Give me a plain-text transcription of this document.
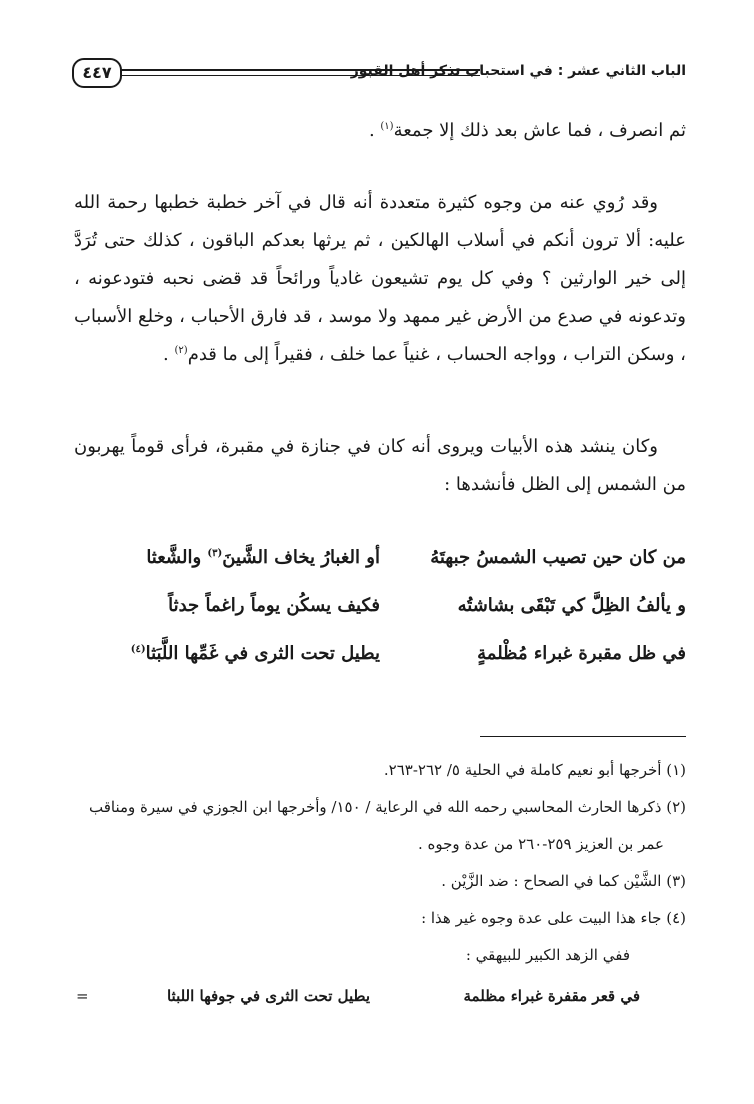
٤٤٧	الباب الثاني عشر : في استحباب تذكر أهل القبور
ثم انصرف ، فما عاش بعد ذلك إلا جمعة$^{(١)}$ .
وقد رُوي عنه من وجوه كثيرة متعددة أنه قال في آخر خطبة خطبها رحمة الله عليه: ألا ترون أنكم في أسلاب الهالكين ، ثم يرثها بعدكم الباقون ، كذلك حتى تُرَدَّ إلى خير الوارثين ؟ وفي كل يوم تشيعون غادياً ورائحاً قد قضى نحبه فتودعونه ، وتدعونه في صدع من الأرض غير ممهد ولا موسد ، قد فارق الأحباب ، وخلع الأسباب ، وسكن التراب ، وواجه الحساب ، غنياً عما خلف ، فقيراً إلى ما قدم$^{(٢)}$ .
وكان ينشد هذه الأبيات ويروى أنه كان في جنازة في مقبرة، فرأى قوماً يهربون من الشمس إلى الظل فأنشدها :
من كان حين تصيب الشمسُ جبهتَهُ
أو الغبارُ يخاف الشَّينَ$^{(٣)}$ والشَّعثا
و يألفُ الظِلَّ كي تَبْقَى بشاشتُه
فكيف يسكُن يوماً راغماً جدثاً
في ظل مقبرة غبراء مُظْلمةٍ
يطيل تحت الثرى في غَمِّها اللَّبَثا$^{(٤)}$
(١) أخرجها أبو نعيم كاملة في الحلية ٥/ ٢٦٢-٢٦٣.
(٢) ذكرها الحارث المحاسبي رحمه الله في الرعاية / ١٥٠/ وأخرجها ابن الجوزي في سيرة ومناقب
عمر بن العزيز ٢٥٩-٢٦٠ من عدة وجوه .
(٣) الشَّيْن كما في الصحاح : ضد الزَّيْن .
(٤) جاء هذا البيت على عدة وجوه غير هذا :
ففي الزهد الكبير للبيهقي :
في قعر مقفرة غبراء مظلمة
يطيل تحت الثرى في جوفها اللبثا
=
